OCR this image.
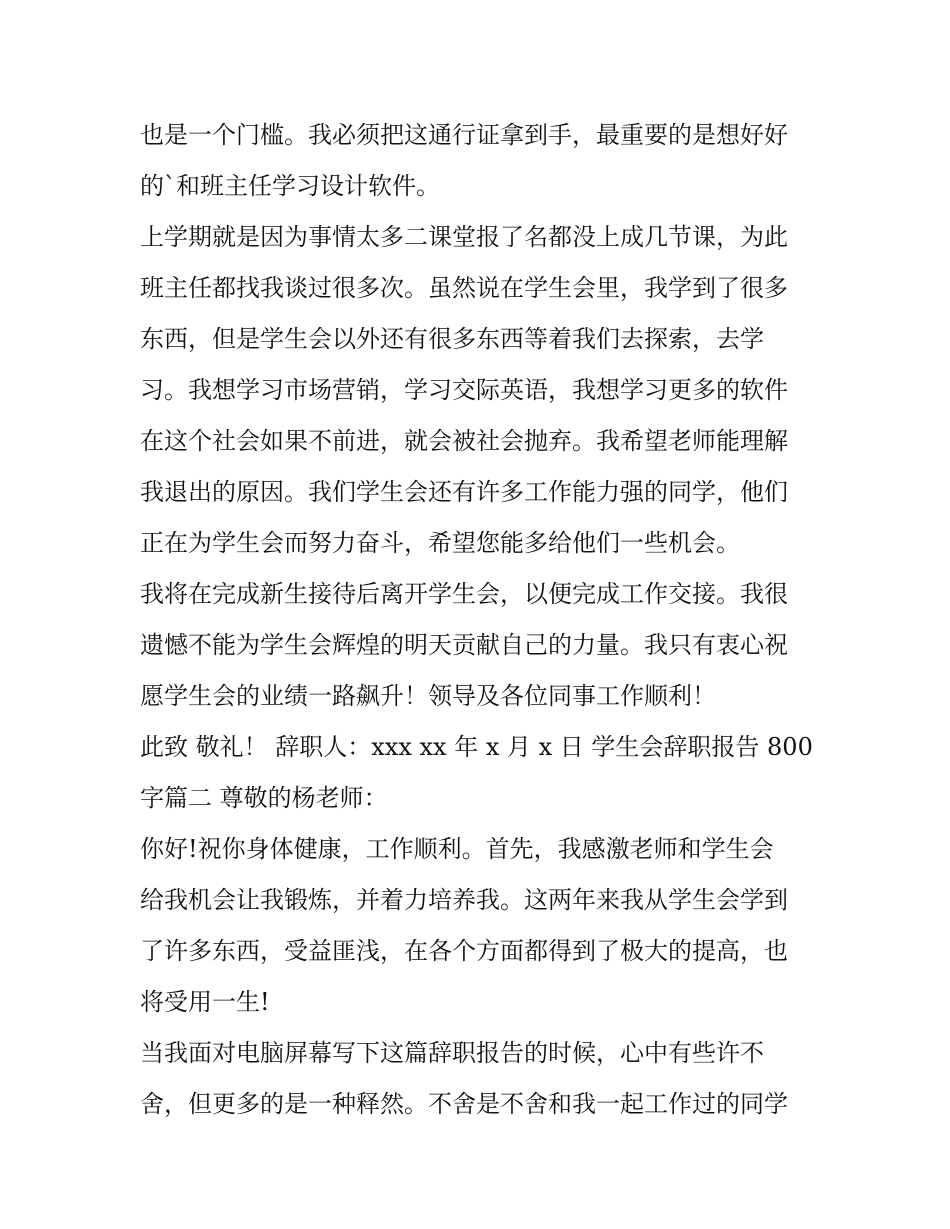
也是一个门槛。我必须把这通行证拿到手，最重要的是想好好
的`和班主任学习设计软件。
上学期就是因为事情太多二课堂报了名都没上成几节课，为此
班主任都找我谈过很多次。虽然说在学生会里，我学到了很多
东西，但是学生会以外还有很多东西等着我们去探索，去学
习。我想学习市场营销，学习交际英语，我想学习更多的软件
在这个社会如果不前进，就会被社会抛弃。我希望老师能理解
我退出的原因。我们学生会还有许多工作能力强的同学，他们
正在为学生会而努力奋斗，希望您能多给他们一些机会。
我将在完成新生接待后离开学生会，以便完成工作交接。我很
遗憾不能为学生会辉煌的明天贡献自己的力量。我只有衷心祝
愿学生会的业绩一路飙升！领导及各位同事工作顺利！
此致 敬礼！ 辞职人：xxx xx 年 x 月 x 日 学生会辞职报告 800
字篇二 尊敬的杨老师：
你好!祝你身体健康，工作顺利。首先，我感激老师和学生会
给我机会让我锻炼，并着力培养我。这两年来我从学生会学到
了许多东西，受益匪浅，在各个方面都得到了极大的提高，也
将受用一生!
当我面对电脑屏幕写下这篇辞职报告的时候，心中有些许不
舍，但更多的是一种释然。不舍是不舍和我一起工作过的同学
